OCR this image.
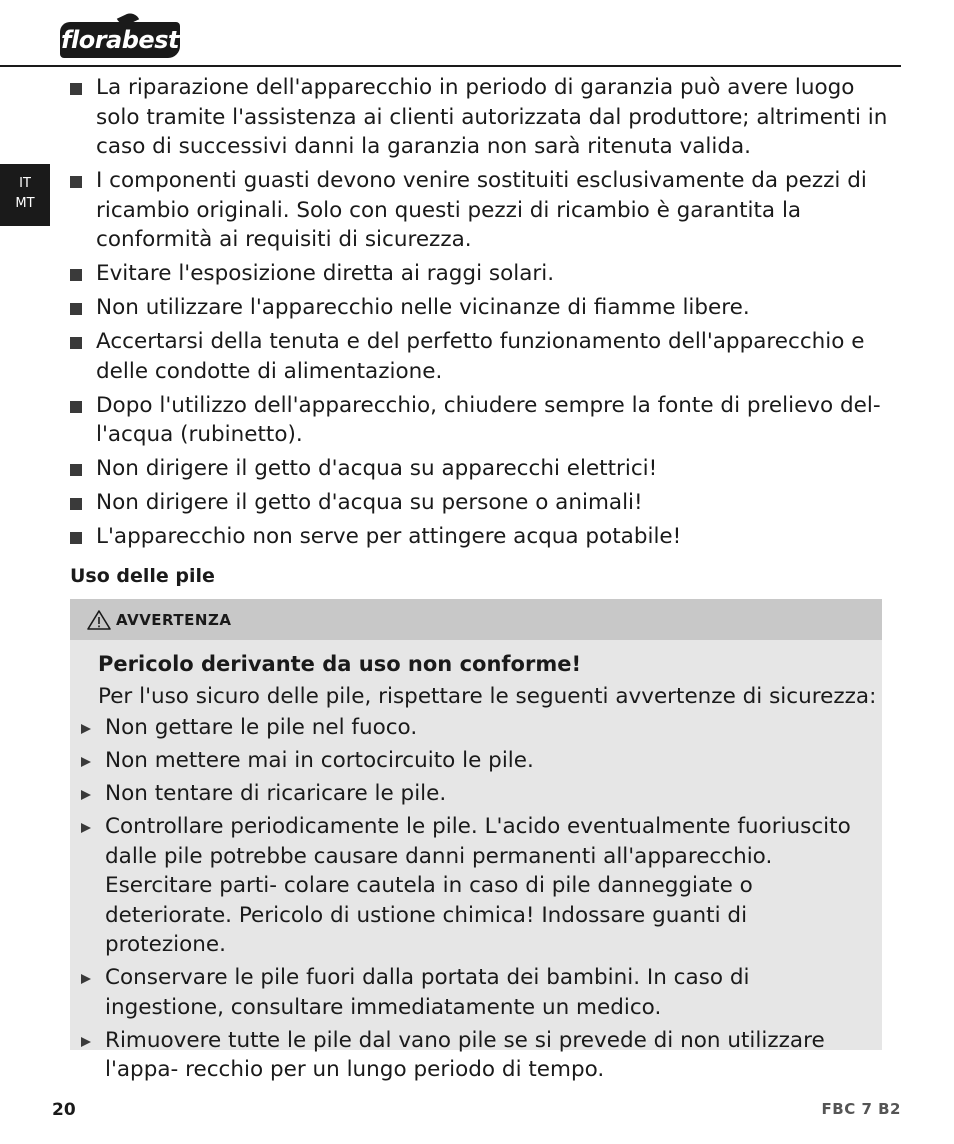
florabest
IT
MT
La riparazione dell'apparecchio in periodo di garanzia può avere luogo solo tramite l'assistenza ai clienti autorizzata dal produttore; altrimenti in caso di successivi danni la garanzia non sarà ritenuta valida.
I componenti guasti devono venire sostituiti esclusivamente da pezzi di ricambio originali. Solo con questi pezzi di ricambio è garantita la conformità ai requisiti di sicurezza.
Evitare l'esposizione diretta ai raggi solari.
Non utilizzare l'apparecchio nelle vicinanze di fiamme libere.
Accertarsi della tenuta e del perfetto funzionamento dell'apparecchio e delle condotte di alimentazione.
Dopo l'utilizzo dell'apparecchio, chiudere sempre la fonte di prelievo del- l'acqua (rubinetto).
Non dirigere il getto d'acqua su apparecchi elettrici!
Non dirigere il getto d'acqua su persone o animali!
L'apparecchio non serve per attingere acqua potabile!
Uso delle pile
AVVERTENZA
Pericolo derivante da uso non conforme!
Per l'uso sicuro delle pile, rispettare le seguenti avvertenze di sicurezza:
Non gettare le pile nel fuoco.
Non mettere mai in cortocircuito le pile.
Non tentare di ricaricare le pile.
Controllare periodicamente le pile. L'acido eventualmente fuoriuscito dalle pile potrebbe causare danni permanenti all'apparecchio. Esercitare parti- colare cautela in caso di pile danneggiate o deteriorate. Pericolo di ustione chimica! Indossare guanti di protezione.
Conservare le pile fuori dalla portata dei bambini. In caso di ingestione, consultare immediatamente un medico.
Rimuovere tutte le pile dal vano pile se si prevede di non utilizzare l'appa- recchio per un lungo periodo di tempo.
20	FBC 7 B2
